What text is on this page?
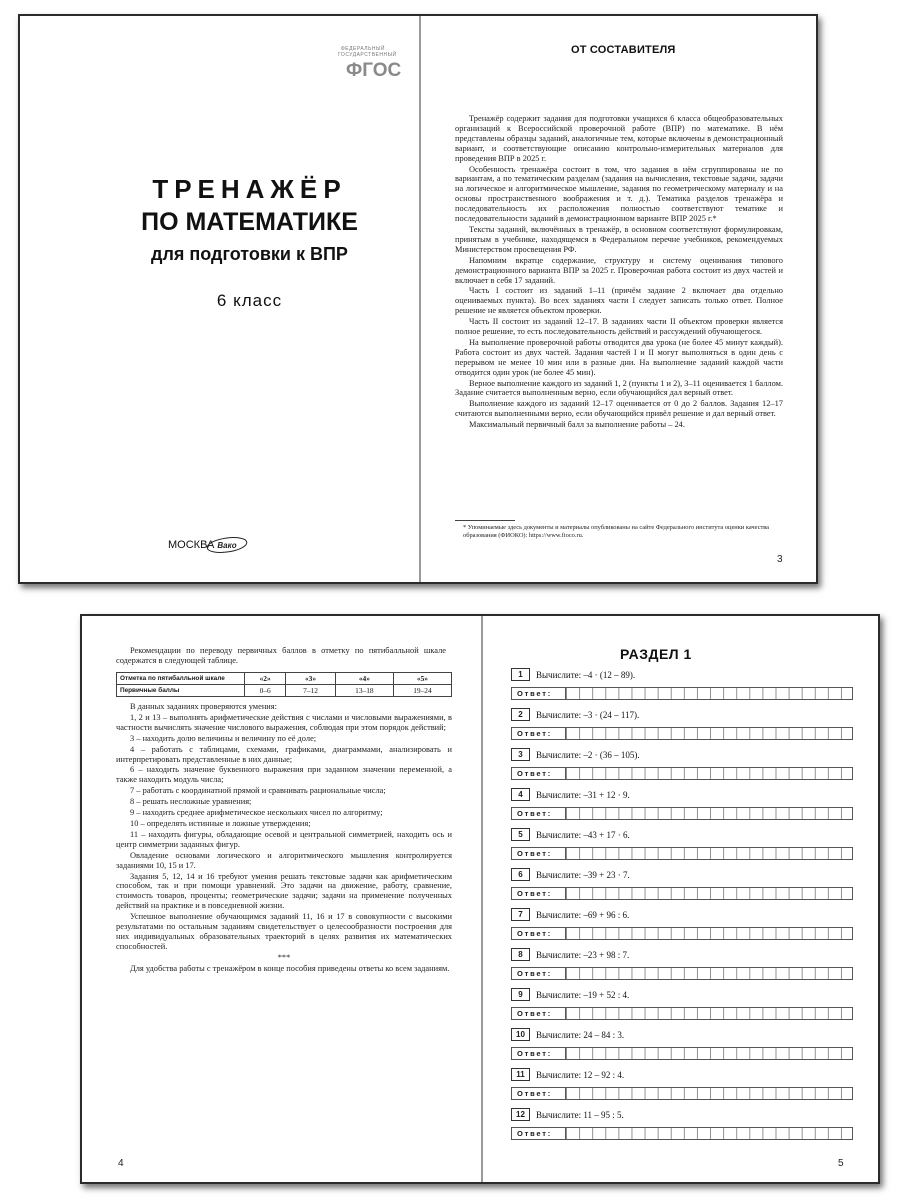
ФЕДЕРАЛЬНЫЙ ГОСУДАРСТВЕННЫЙ
ФГОС
ТРЕНАЖЁР
ПО МАТЕМАТИКЕ
для подготовки к ВПР
6 класс
МОСКВА Вако
ОТ СОСТАВИТЕЛЯ

Тренажёр содержит задания для подготовки учащихся 6 класса общеобразовательных организаций к Всероссийской проверочной работе (ВПР) по математике. В нём представлены образцы заданий, аналогичные тем, которые включены в демонстрационный вариант, и соответствующие описанию контрольно-измерительных материалов для проведения ВПР в 2025 г.

Особенность тренажёра состоит в том, что задания в нём сгруппированы не по вариантам, а по тематическим разделам (задания на вычисления, текстовые задачи, задачи на логическое и алгоритмическое мышление, задания по геометрическому материалу и на основы пространственного воображения и т. д.). Тематика разделов тренажёра и последовательность их расположения полностью соответствуют тематике и последовательности заданий в демонстрационном варианте ВПР 2025 г.*

Тексты заданий, включённых в тренажёр, в основном соответствуют формулировкам, принятым в учебнике, находящемся в Федеральном перечне учебников, рекомендуемых Министерством просвещения РФ.

Напомним вкратце содержание, структуру и систему оценивания типового демонстрационного варианта ВПР за 2025 г. Проверочная работа состоит из двух частей и включает в себя 17 заданий.

Часть I состоит из заданий 1–11 (причём задание 2 включает два отдельно оцениваемых пункта). Во всех заданиях части I следует записать только ответ. Полное решение не является объектом проверки.

Часть II состоит из заданий 12–17. В заданиях части II объектом проверки является полное решение, то есть последовательность действий и рассуждений обучающегося.

На выполнение проверочной работы отводится два урока (не более 45 минут каждый). Работа состоит из двух частей. Задания частей I и II могут выполняться в один день с перерывом не менее 10 мин или в разные дни. На выполнение заданий каждой части отводится один урок (не более 45 мин).

Верное выполнение каждого из заданий 1, 2 (пункты 1 и 2), 3–11 оценивается 1 баллом. Задание считается выполненным верно, если обучающийся дал верный ответ.

Выполнение каждого из заданий 12–17 оценивается от 0 до 2 баллов. Задания 12–17 считаются выполненными верно, если обучающийся привёл решение и дал верный ответ.

Максимальный первичный балл за выполнение работы – 24.

* Упоминаемые здесь документы и материалы опубликованы на сайте Федерального института оценки качества образования (ФИОКО): https://www.fioco.ru.
3

Рекомендации по переводу первичных баллов в отметку по пятибалльной шкале содержатся в следующей таблице.

Отметка по пятибалльной шкале	«2»	«3»	«4»	«5»
Первичные баллы	0–6	7–12	13–18	19–24

В данных заданиях проверяются умения:

1, 2 и 13 – выполнять арифметические действия с числами и числовыми выражениями, в частности вычислять значение числового выражения, соблюдая при этом порядок действий;

3 – находить долю величины и величину по её доле;

4 – работать с таблицами, схемами, графиками, диаграммами, анализировать и интерпретировать представленные в них данные;

6 – находить значение буквенного выражения при заданном значении переменной, а также находить модуль числа;

7 – работать с координатной прямой и сравнивать рациональные числа;

8 – решать несложные уравнения;

9 – находить среднее арифметическое нескольких чисел по алгоритму;

10 – определять истинные и ложные утверждения;

11 – находить фигуры, обладающие осевой и центральной симметрией, находить ось и центр симметрии заданных фигур.

Овладение основами логического и алгоритмического мышления контролируется заданиями 10, 15 и 17.

Задания 5, 12, 14 и 16 требуют умения решать текстовые задачи как арифметическим способом, так и при помощи уравнений. Это задачи на движение, работу, сравнение, стоимость товаров, проценты; геометрические задачи; задачи на применение полученных действий на практике и в повседневной жизни.

Успешное выполнение обучающимся заданий 11, 16 и 17 в совокупности с высокими результатами по остальным заданиям свидетельствует о целесообразности построения для них индивидуальных образовательных траекторий в целях развития их математических способностей.

***

Для удобства работы с тренажёром в конце пособия приведены ответы ко всем заданиям.

4
РАЗДЕЛ 1
1	Вычислите: –4 · (12 – 89).
Ответ:
2	Вычислите: –3 · (24 – 117).
Ответ:
3	Вычислите: –2 · (36 – 105).
Ответ:
4	Вычислите: –31 + 12 · 9.
Ответ:
5	Вычислите: –43 + 17 · 6.
Ответ:
6	Вычислите: –39 + 23 · 7.
Ответ:
7	Вычислите: –69 + 96 : 6.
Ответ:
8	Вычислите: –23 + 98 : 7.
Ответ:
9	Вычислите: –19 + 52 : 4.
Ответ:
10	Вычислите: 24 – 84 : 3.
Ответ:
11	Вычислите: 12 – 92 : 4.
Ответ:
12	Вычислите: 11 – 95 : 5.
Ответ:
5
